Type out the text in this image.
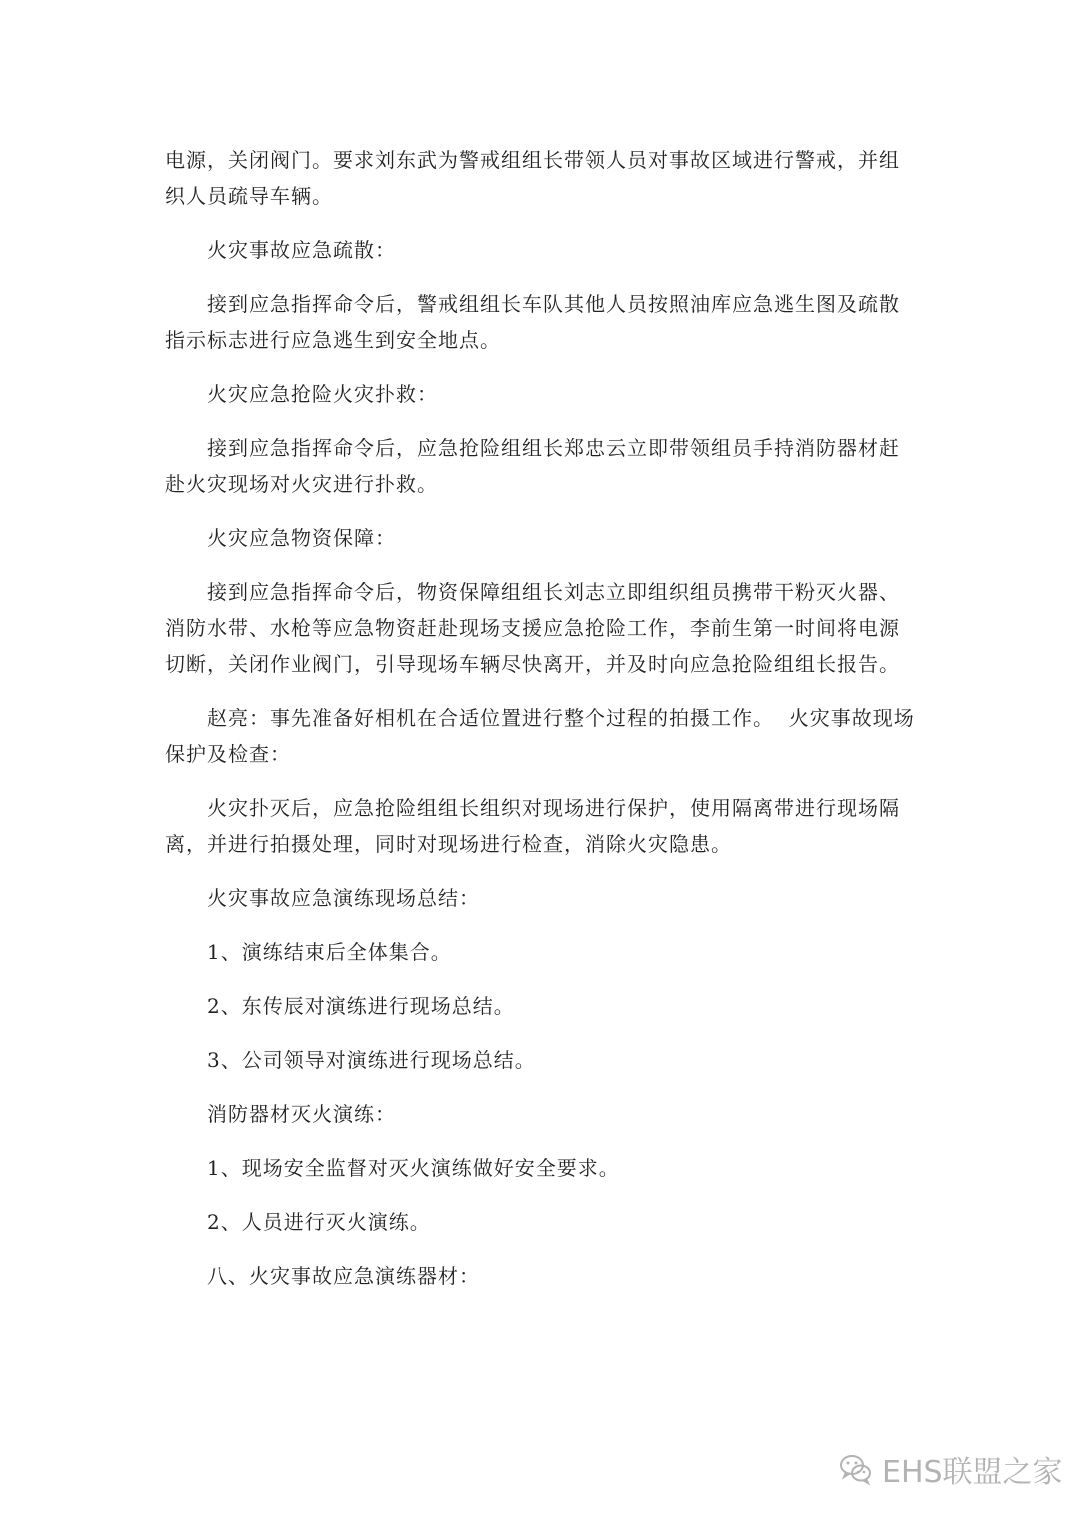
电源，关闭阀门。要求刘东武为警戒组组长带领人员对事故区域进行警戒，并组织人员疏导车辆。

火灾事故应急疏散：

接到应急指挥命令后，警戒组组长车队其他人员按照油库应急逃生图及疏散指示标志进行应急逃生到安全地点。

火灾应急抢险火灾扑救：

接到应急指挥命令后，应急抢险组组长郑忠云立即带领组员手持消防器材赶赴火灾现场对火灾进行扑救。

火灾应急物资保障：

接到应急指挥命令后，物资保障组组长刘志立即组织组员携带干粉灭火器、消防水带、水枪等应急物资赶赴现场支援应急抢险工作，李前生第一时间将电源切断，关闭作业阀门，引导现场车辆尽快离开，并及时向应急抢险组组长报告。

赵亮：事先准备好相机在合适位置进行整个过程的拍摄工作。  火灾事故现场保护及检查：

火灾扑灭后，应急抢险组组长组织对现场进行保护，使用隔离带进行现场隔离，并进行拍摄处理，同时对现场进行检查，消除火灾隐患。

火灾事故应急演练现场总结：

1、演练结束后全体集合。

2、东传辰对演练进行现场总结。

3、公司领导对演练进行现场总结。

消防器材灭火演练：

1、现场安全监督对灭火演练做好安全要求。

2、人员进行灭火演练。

八、火灾事故应急演练器材：

EHS联盟之家
